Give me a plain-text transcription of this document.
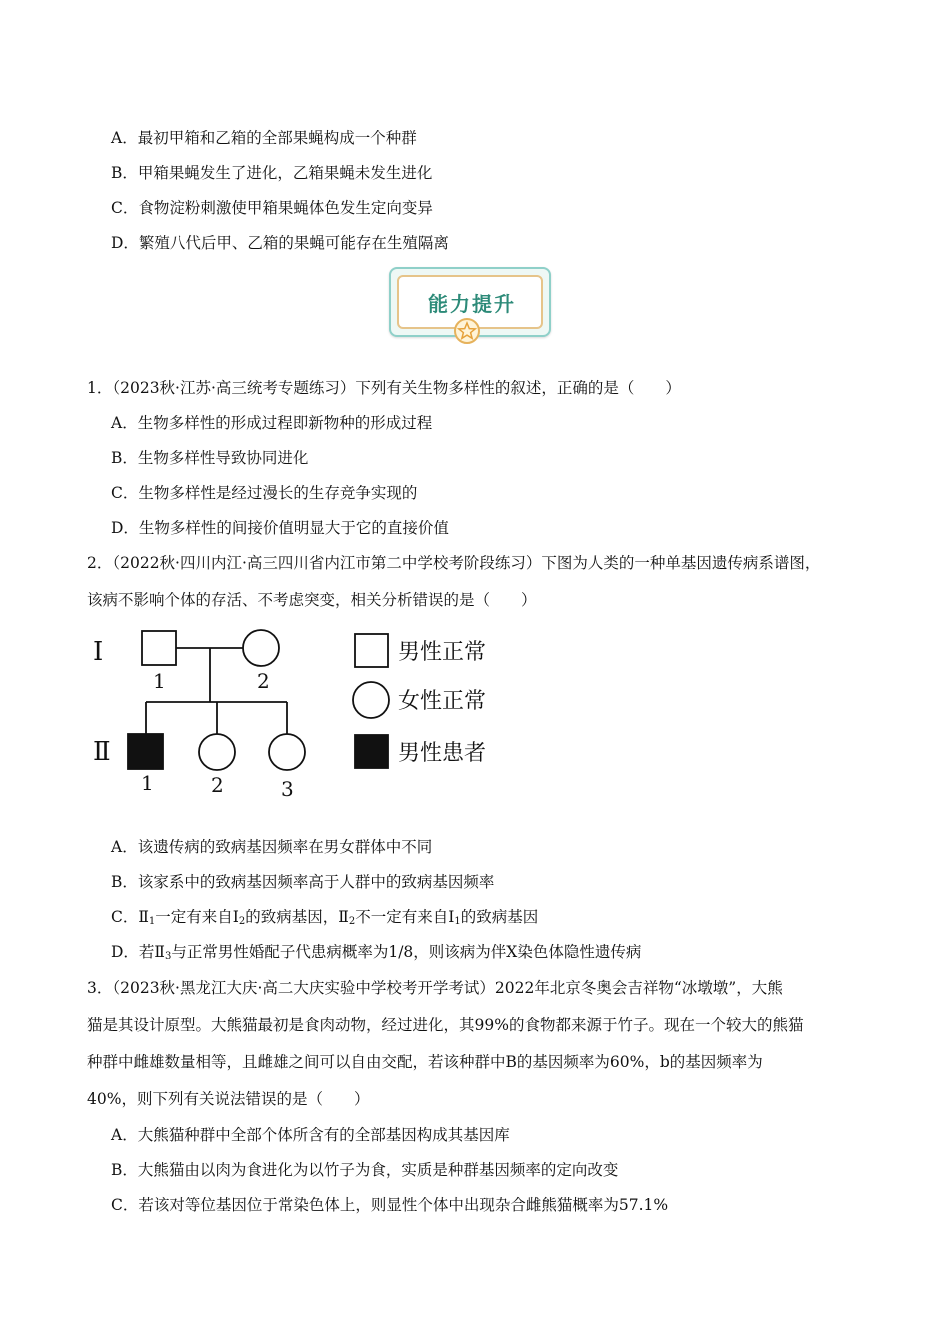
A．最初甲箱和乙箱的全部果蝇构成一个种群
B．甲箱果蝇发生了进化，乙箱果蝇未发生进化
C．食物淀粉刺激使甲箱果蝇体色发生定向变异
D．繁殖八代后甲、乙箱的果蝇可能存在生殖隔离
能力提升
1．（2023秋·江苏·高三统考专题练习）下列有关生物多样性的叙述，正确的是（　　）
A．生物多样性的形成过程即新物种的形成过程
B．生物多样性导致协同进化
C．生物多样性是经过漫长的生存竞争实现的
D．生物多样性的间接价值明显大于它的直接价值
2．（2022秋·四川内江·高三四川省内江市第二中学校考阶段练习）下图为人类的一种单基因遗传病系谱图，
该病不影响个体的存活、不考虑突变，相关分析错误的是（　　）
Ⅰ
Ⅱ
1	2
1	2	3
男性正常
女性正常
男性患者
A．该遗传病的致病基因频率在男女群体中不同
B．该家系中的致病基因频率高于人群中的致病基因频率
C．$Ⅱ_1$一定有来自$Ⅰ_2$的致病基因，$Ⅱ_2$不一定有来自$Ⅰ_1$的致病基因
D．若$Ⅱ_3$与正常男性婚配子代患病概率为1/8，则该病为伴X染色体隐性遗传病
3．（2023秋·黑龙江大庆·高二大庆实验中学校考开学考试）2022年北京冬奥会吉祥物“冰墩墩”，大熊
猫是其设计原型。大熊猫最初是食肉动物，经过进化，其99%的食物都来源于竹子。现在一个较大的熊猫
种群中雌雄数量相等，且雌雄之间可以自由交配，若该种群中B的基因频率为60%，b的基因频率为
40%，则下列有关说法错误的是（　　）
A．大熊猫种群中全部个体所含有的全部基因构成其基因库
B．大熊猫由以肉为食进化为以竹子为食，实质是种群基因频率的定向改变
C．若该对等位基因位于常染色体上，则显性个体中出现杂合雌熊猫概率为57.1%
